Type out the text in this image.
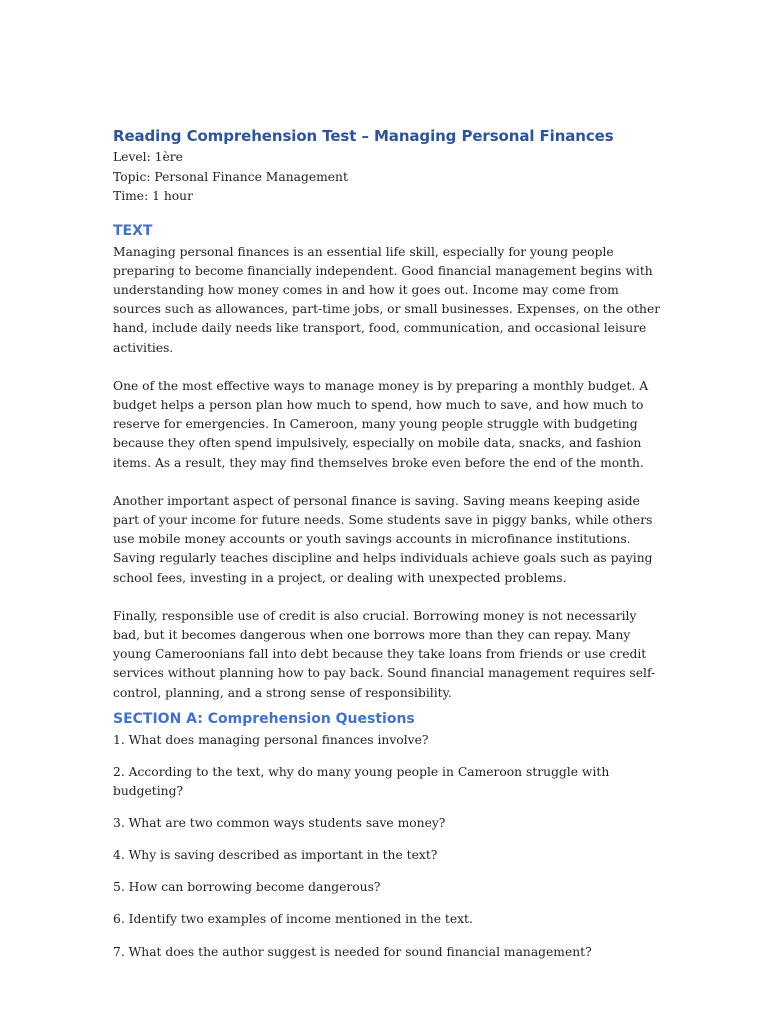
Reading Comprehension Test – Managing Personal Finances

Level: 1ère

Topic: Personal Finance Management

Time: 1 hour

TEXT

Managing personal finances is an essential life skill, especially for young people preparing to become financially independent. Good financial management begins with understanding how money comes in and how it goes out. Income may come from sources such as allowances, part-time jobs, or small businesses. Expenses, on the other hand, include daily needs like transport, food, communication, and occasional leisure activities.

One of the most effective ways to manage money is by preparing a monthly budget. A budget helps a person plan how much to spend, how much to save, and how much to reserve for emergencies. In Cameroon, many young people struggle with budgeting because they often spend impulsively, especially on mobile data, snacks, and fashion items. As a result, they may find themselves broke even before the end of the month.

Another important aspect of personal finance is saving. Saving means keeping aside part of your income for future needs. Some students save in piggy banks, while others use mobile money accounts or youth savings accounts in microfinance institutions. Saving regularly teaches discipline and helps individuals achieve goals such as paying school fees, investing in a project, or dealing with unexpected problems.

Finally, responsible use of credit is also crucial. Borrowing money is not necessarily bad, but it becomes dangerous when one borrows more than they can repay. Many young Cameroonians fall into debt because they take loans from friends or use credit services without planning how to pay back. Sound financial management requires self-control, planning, and a strong sense of responsibility.

SECTION A: Comprehension Questions
1. What does managing personal finances involve?
2. According to the text, why do many young people in Cameroon struggle with budgeting?
3. What are two common ways students save money?
4. Why is saving described as important in the text?
5. How can borrowing become dangerous?
6. Identify two examples of income mentioned in the text.
7. What does the author suggest is needed for sound financial management?
